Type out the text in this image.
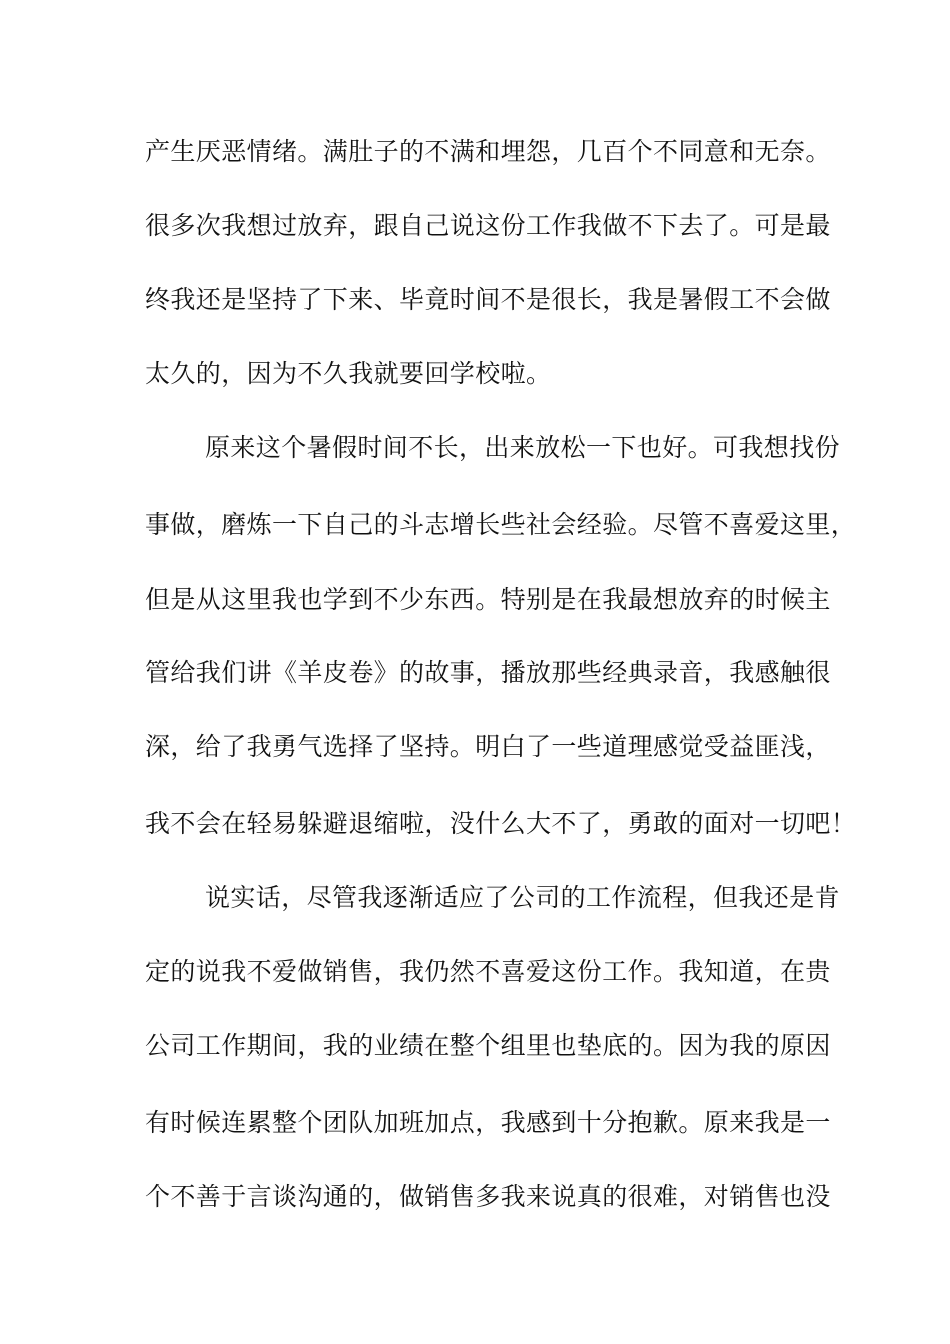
产生厌恶情绪。满肚子的不满和埋怨，几百个不同意和无奈。
很多次我想过放弃，跟自己说这份工作我做不下去了。可是最
终我还是坚持了下来、毕竟时间不是很长，我是暑假工不会做
太久的，因为不久我就要回学校啦。
原来这个暑假时间不长，出来放松一下也好。可我想找份
事做，磨炼一下自己的斗志增长些社会经验。尽管不喜爱这里，
但是从这里我也学到不少东西。特别是在我最想放弃的时候主
管给我们讲《羊皮卷》的故事，播放那些经典录音，我感触很
深，给了我勇气选择了坚持。明白了一些道理感觉受益匪浅，
我不会在轻易躲避退缩啦，没什么大不了，勇敢的面对一切吧！
说实话，尽管我逐渐适应了公司的工作流程，但我还是肯
定的说我不爱做销售，我仍然不喜爱这份工作。我知道，在贵
公司工作期间，我的业绩在整个组里也垫底的。因为我的原因
有时候连累整个团队加班加点，我感到十分抱歉。原来我是一
个不善于言谈沟通的，做销售多我来说真的很难，对销售也没
